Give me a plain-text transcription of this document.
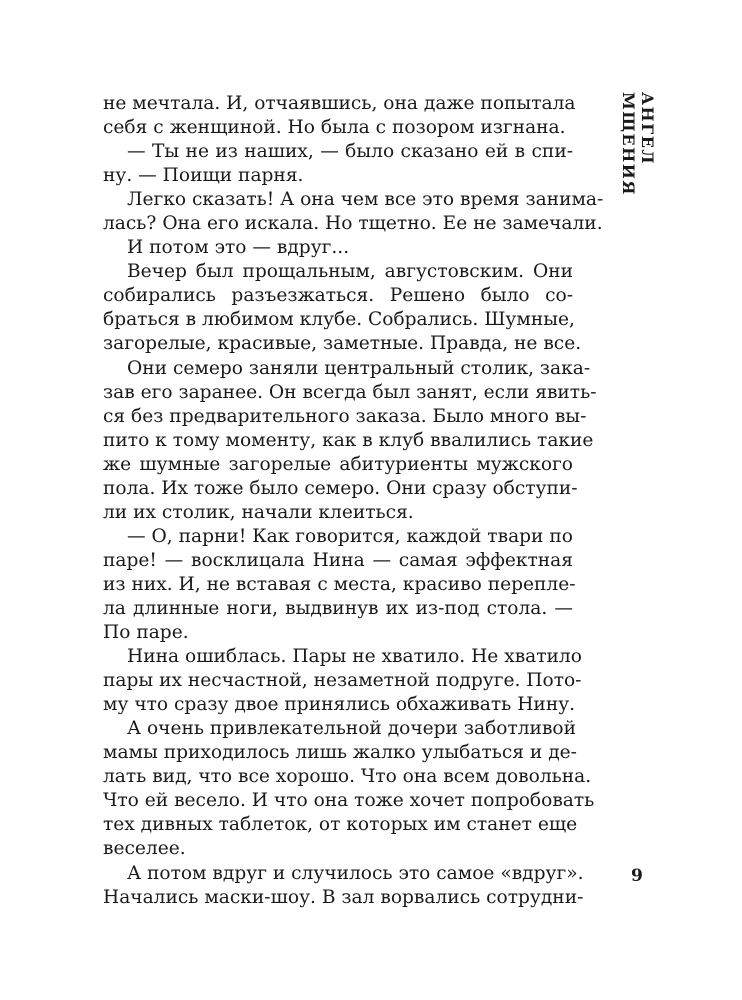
не мечтала. И, отчаявшись, она даже попытала
себя с женщиной. Но была с позором изгнана.
— Ты не из наших, — было сказано ей в спи-
ну. — Поищи парня.
Легко сказать! А она чем все это время занима-
лась? Она его искала. Но тщетно. Ее не замечали.
И потом это — вдруг...
Вечер был прощальным, августовским. Они
собирались разъезжаться. Решено было со-
браться в любимом клубе. Собрались. Шумные,
загорелые, красивые, заметные. Правда, не все.
Они семеро заняли центральный столик, зака-
зав его заранее. Он всегда был занят, если явить-
ся без предварительного заказа. Было много вы-
пито к тому моменту, как в клуб ввалились такие
же шумные загорелые абитуриенты мужского
пола. Их тоже было семеро. Они сразу обступи-
ли их столик, начали клеиться.
— О, парни! Как говорится, каждой твари по
паре! — восклицала Нина — самая эффектная
из них. И, не вставая с места, красиво перепле-
ла длинные ноги, выдвинув их из-под стола. —
По паре.
Нина ошиблась. Пары не хватило. Не хватило
пары их несчастной, незаметной подруге. Пото-
му что сразу двое принялись обхаживать Нину.
А очень привлекательной дочери заботливой
мамы приходилось лишь жалко улыбаться и де-
лать вид, что все хорошо. Что она всем довольна.
Что ей весело. И что она тоже хочет попробовать
тех дивных таблеток, от которых им станет еще
веселее.
А потом вдруг и случилось это самое «вдруг».
Начались маски-шоу. В зал ворвались сотрудни-
АНГЕЛ МЩЕНИЯ
9
